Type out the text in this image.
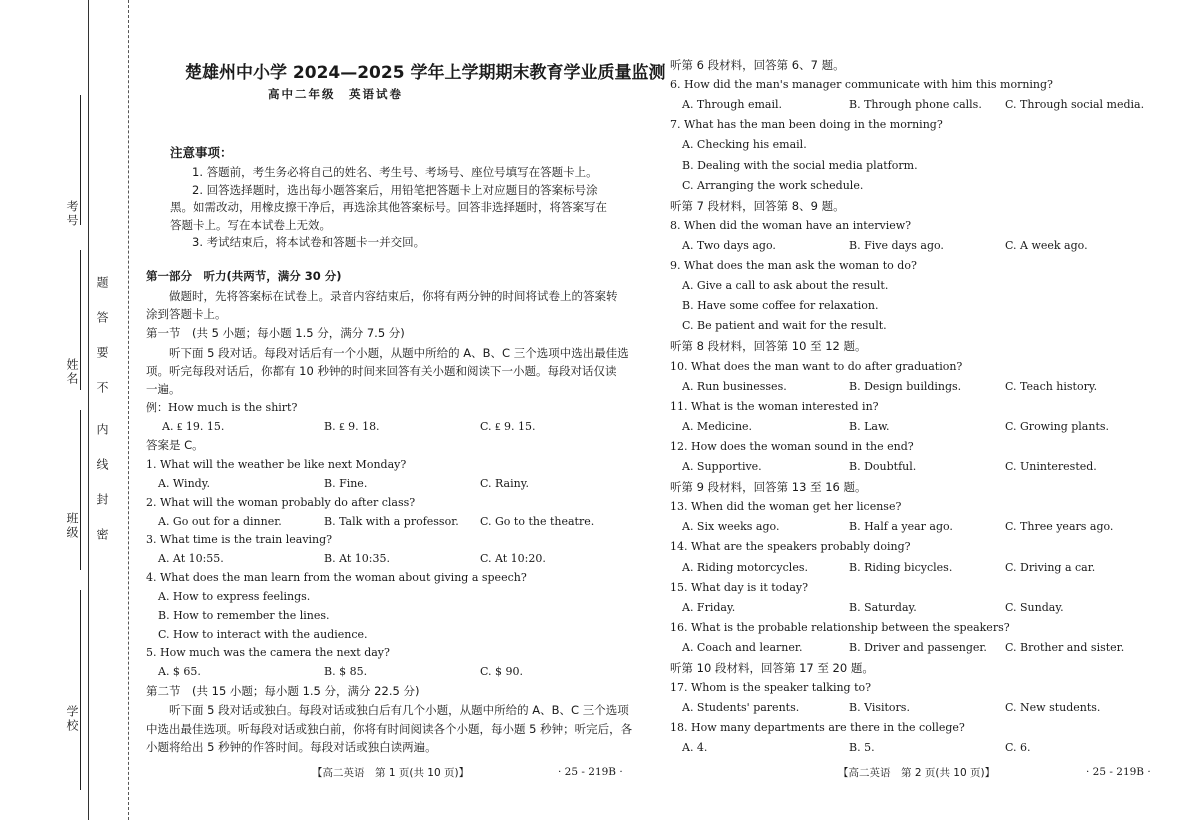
考号
姓名
班级
学校
题
答
要
不
内
线
封
密
楚雄州中小学 2024—2025 学年上学期期末教育学业质量监测
高中二年级　英语试卷
注意事项：
1. 答题前，考生务必将自己的姓名、考生号、考场号、座位号填写在答题卡上。
2. 回答选择题时，选出每小题答案后，用铅笔把答题卡上对应题目的答案标号涂
黑。如需改动，用橡皮擦干净后，再选涂其他答案标号。回答非选择题时，将答案写在
答题卡上。写在本试卷上无效。
3. 考试结束后，将本试卷和答题卡一并交回。
第一部分　听力(共两节，满分 30 分)
做题时，先将答案标在试卷上。录音内容结束后，你将有两分钟的时间将试卷上的答案转
涂到答题卡上。
第一节　(共 5 小题；每小题 1.5 分，满分 7.5 分)
听下面 5 段对话。每段对话后有一个小题，从题中所给的 A、B、C 三个选项中选出最佳选
项。听完每段对话后，你都有 10 秒钟的时间来回答有关小题和阅读下一小题。每段对话仅读
一遍。
例：How much is the shirt?
A. ₤ 19. 15.	B. ₤ 9. 18.	C. ₤ 9. 15.
答案是 C。
1. What will the weather be like next Monday?
A. Windy.	B. Fine.	C. Rainy.
2. What will the woman probably do after class?
A. Go out for a dinner.	B. Talk with a professor. C. Go to the theatre.
3. What time is the train leaving?
A. At 10:55.	B. At 10:35.	C. At 10:20.
4. What does the man learn from the woman about giving a speech?
A. How to express feelings.
B. How to remember the lines.
C. How to interact with the audience.
5. How much was the camera the next day?
A. $ 65.	B. $ 85.	C. $ 90.
第二节　(共 15 小题；每小题 1.5 分，满分 22.5 分)
听下面 5 段对话或独白。每段对话或独白后有几个小题，从题中所给的 A、B、C 三个选项
中选出最佳选项。听每段对话或独白前，你将有时间阅读各个小题，每小题 5 秒钟；听完后，各
小题将给出 5 秒钟的作答时间。每段对话或独白读两遍。
【高二英语　第 1 页(共 10 页)】	· 25 - 219B ·
听第 6 段材料，回答第 6、7 题。
6. How did the man's manager communicate with him this morning?
A. Through email.	B. Through phone calls. C. Through social media.
7. What has the man been doing in the morning?
A. Checking his email.
B. Dealing with the social media platform.
C. Arranging the work schedule.
听第 7 段材料，回答第 8、9 题。
8. When did the woman have an interview?
A. Two days ago.	B. Five days ago.	C. A week ago.
9. What does the man ask the woman to do?
A. Give a call to ask about the result.
B. Have some coffee for relaxation.
C. Be patient and wait for the result.
听第 8 段材料，回答第 10 至 12 题。
10. What does the man want to do after graduation?
A. Run businesses.	B. Design buildings.	C. Teach history.
11. What is the woman interested in?
A. Medicine.	B. Law.	C. Growing plants.
12. How does the woman sound in the end?
A. Supportive.	B. Doubtful.	C. Uninterested.
听第 9 段材料，回答第 13 至 16 题。
13. When did the woman get her license?
A. Six weeks ago.	B. Half a year ago.	C. Three years ago.
14. What are the speakers probably doing?
A. Riding motorcycles.	B. Riding bicycles.	C. Driving a car.
15. What day is it today?
A. Friday.	B. Saturday.	C. Sunday.
16. What is the probable relationship between the speakers?
A. Coach and learner.	B. Driver and passenger. C. Brother and sister.
听第 10 段材料，回答第 17 至 20 题。
17. Whom is the speaker talking to?
A. Students' parents.	B. Visitors.	C. New students.
18. How many departments are there in the college?
A. 4.	B. 5.	C. 6.
【高二英语　第 2 页(共 10 页)】	· 25 - 219B ·
